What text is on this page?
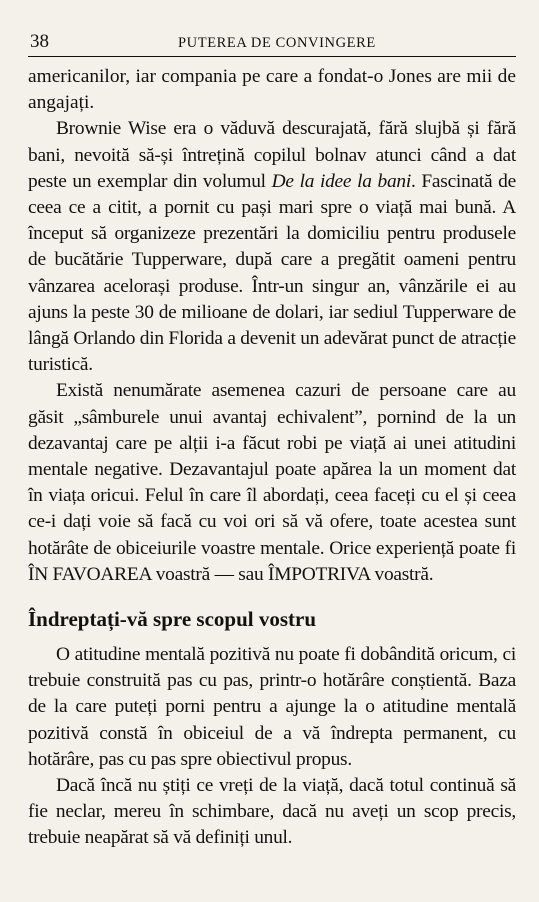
38	PUTEREA DE CONVINGERE

americanilor, iar compania pe care a fondat-o Jones are mii de angajați.

Brownie Wise era o văduvă descurajată, fără slujbă și fără bani, nevoită să-și întrețină copilul bolnav atunci când a dat peste un exemplar din volumul De la idee la bani. Fascinată de ceea ce a citit, a pornit cu pași mari spre o viață mai bună. A început să organizeze prezentări la domiciliu pentru produsele de bucătărie Tupperware, după care a pregătit oameni pentru vânzarea acelorași produse. Într-un singur an, vânzările ei au ajuns la peste 30 de milioane de dolari, iar sediul Tupperware de lângă Orlando din Florida a devenit un adevărat punct de atracție turistică.

Există nenumărate asemenea cazuri de persoane care au găsit „sâmburele unui avantaj echivalent”, pornind de la un dezavantaj care pe alții i-a făcut robi pe viață ai unei atitudini mentale negative. Dezavantajul poate apărea la un moment dat în viața oricui. Felul în care îl abordați, ceea faceți cu el și ceea ce-i dați voie să facă cu voi ori să vă ofere, toate acestea sunt hotărâte de obiceiurile voastre mentale. Orice experiență poate fi ÎN FAVOAREA voastră — sau ÎMPOTRIVA voastră.

Îndreptați-vă spre scopul vostru

O atitudine mentală pozitivă nu poate fi dobândită oricum, ci trebuie construită pas cu pas, printr-o hotărâre conștientă. Baza de la care puteți porni pentru a ajunge la o atitudine mentală pozitivă constă în obiceiul de a vă îndrepta permanent, cu hotărâre, pas cu pas spre obiectivul propus.

Dacă încă nu știți ce vreți de la viață, dacă totul continuă să fie neclar, mereu în schimbare, dacă nu aveți un scop precis, trebuie neapărat să vă definiți unul.
